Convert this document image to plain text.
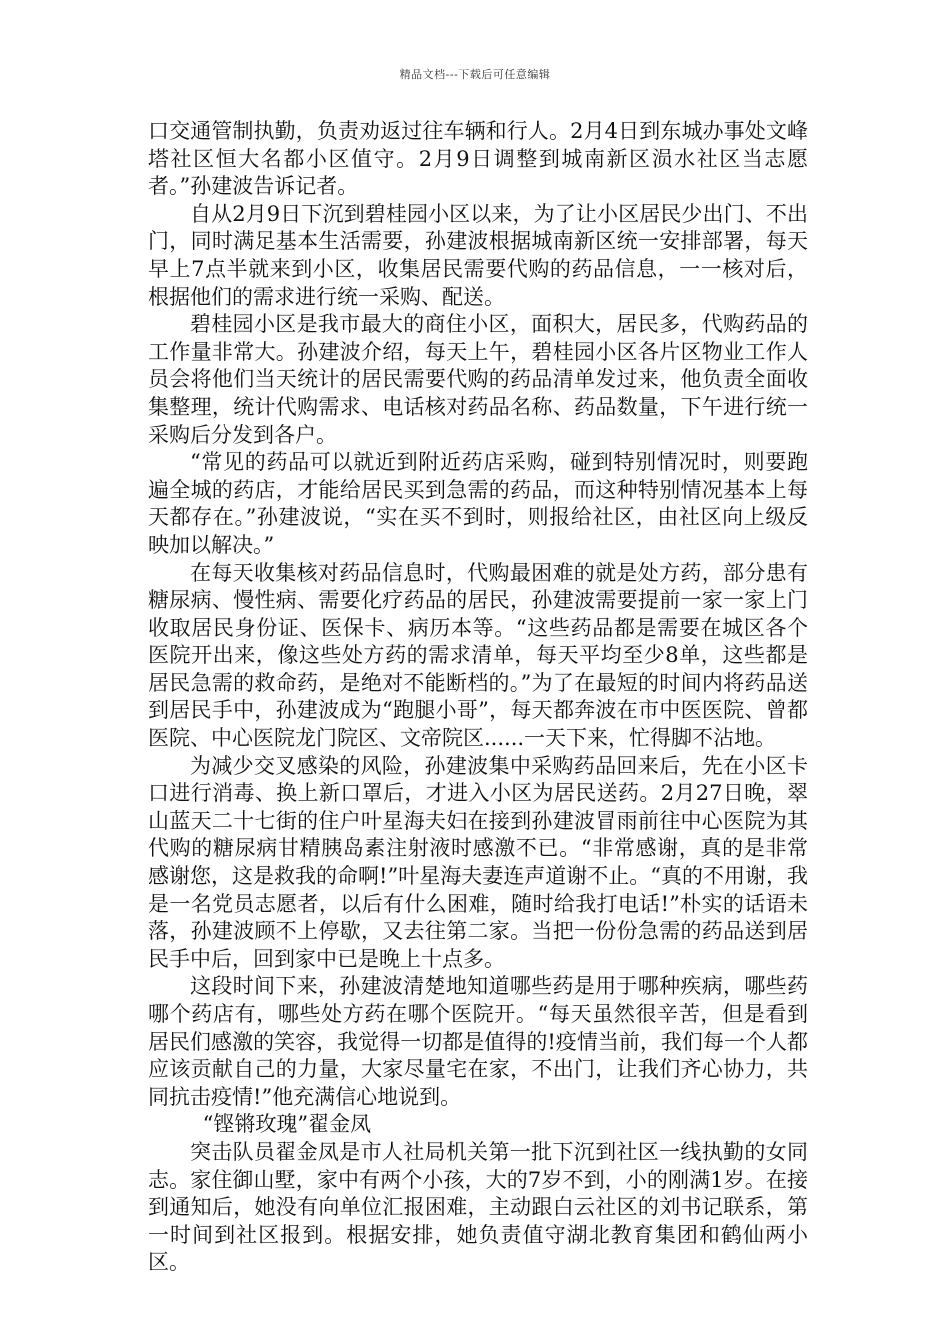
精品文档---下载后可任意编辑

口交通管制执勤，负责劝返过往车辆和行人。2月4日到东城办事处文峰塔社区恒大名都小区值守。2月9日调整到城南新区涢水社区当志愿者。”孙建波告诉记者。

自从2月9日下沉到碧桂园小区以来，为了让小区居民少出门、不出门，同时满足基本生活需要，孙建波根据城南新区统一安排部署，每天早上7点半就来到小区，收集居民需要代购的药品信息，一一核对后，根据他们的需求进行统一采购、配送。

碧桂园小区是我市最大的商住小区，面积大，居民多，代购药品的工作量非常大。孙建波介绍，每天上午，碧桂园小区各片区物业工作人员会将他们当天统计的居民需要代购的药品清单发过来，他负责全面收集整理，统计代购需求、电话核对药品名称、药品数量，下午进行统一采购后分发到各户。

“常见的药品可以就近到附近药店采购，碰到特别情况时，则要跑遍全城的药店，才能给居民买到急需的药品，而这种特别情况基本上每天都存在。”孙建波说，“实在买不到时，则报给社区，由社区向上级反映加以解决。”

在每天收集核对药品信息时，代购最困难的就是处方药，部分患有糖尿病、慢性病、需要化疗药品的居民，孙建波需要提前一家一家上门收取居民身份证、医保卡、病历本等。“这些药品都是需要在城区各个医院开出来，像这些处方药的需求清单，每天平均至少8单，这些都是居民急需的救命药，是绝对不能断档的。”为了在最短的时间内将药品送到居民手中，孙建波成为“跑腿小哥”，每天都奔波在市中医医院、曾都医院、中心医院龙门院区、文帝院区......一天下来，忙得脚不沾地。

为减少交叉感染的风险，孙建波集中采购药品回来后，先在小区卡口进行消毒、换上新口罩后，才进入小区为居民送药。2月27日晚，翠山蓝天二十七街的住户叶星海夫妇在接到孙建波冒雨前往中心医院为其代购的糖尿病甘精胰岛素注射液时感激不已。“非常感谢，真的是非常感谢您，这是救我的命啊!”叶星海夫妻连声道谢不止。“真的不用谢，我是一名党员志愿者，以后有什么困难，随时给我打电话!”朴实的话语未落，孙建波顾不上停歇，又去往第二家。当把一份份急需的药品送到居民手中后，回到家中已是晚上十点多。

这段时间下来，孙建波清楚地知道哪些药是用于哪种疾病，哪些药哪个药店有，哪些处方药在哪个医院开。“每天虽然很辛苦，但是看到居民们感激的笑容，我觉得一切都是值得的!疫情当前，我们每一个人都应该贡献自己的力量，大家尽量宅在家，不出门，让我们齐心协力，共同抗击疫情!”他充满信心地说到。

“铿锵玫瑰”翟金凤

突击队员翟金凤是市人社局机关第一批下沉到社区一线执勤的女同志。家住御山墅，家中有两个小孩，大的7岁不到，小的刚满1岁。在接到通知后，她没有向单位汇报困难，主动跟白云社区的刘书记联系，第一时间到社区报到。根据安排，她负责值守湖北教育集团和鹤仙两小区。
